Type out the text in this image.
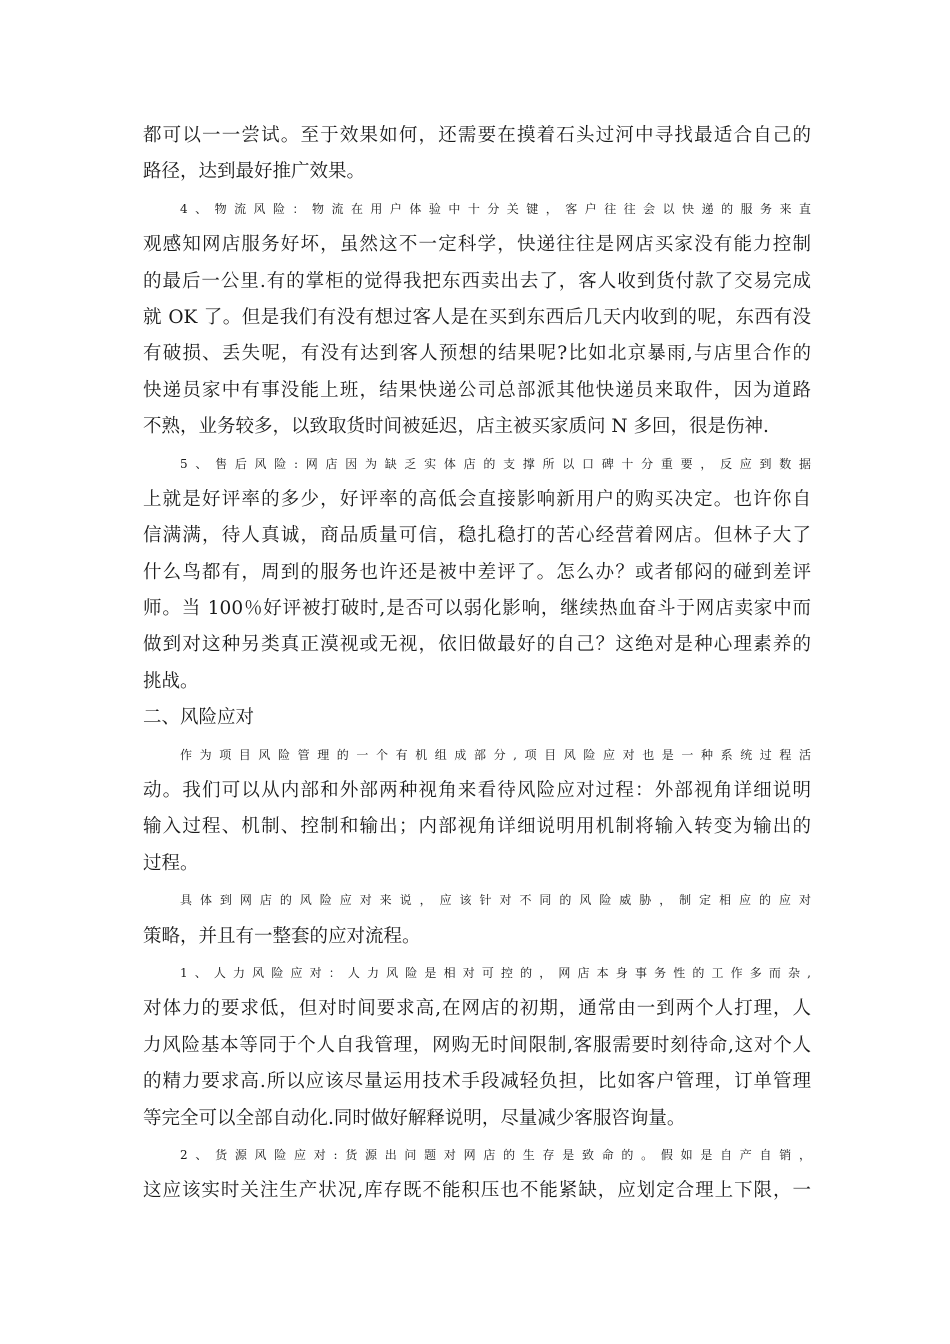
都可以一一尝试。至于效果如何，还需要在摸着石头过河中寻找最适合自己的
路径，达到最好推广效果。
4、物流风险：物流在用户体验中十分关键，客户往往会以快递的服务来直
观感知网店服务好坏，虽然这不一定科学，快递往往是网店买家没有能力控制
的最后一公里.有的掌柜的觉得我把东西卖出去了，客人收到货付款了交易完成
就 OK 了。但是我们有没有想过客人是在买到东西后几天内收到的呢，东西有没
有破损、丢失呢，有没有达到客人预想的结果呢?比如北京暴雨,与店里合作的
快递员家中有事没能上班，结果快递公司总部派其他快递员来取件，因为道路
不熟，业务较多，以致取货时间被延迟，店主被买家质问 N 多回，很是伤神.
5、售后风险:网店因为缺乏实体店的支撑所以口碑十分重要，反应到数据
上就是好评率的多少，好评率的高低会直接影响新用户的购买决定。也许你自
信满满，待人真诚，商品质量可信，稳扎稳打的苦心经营着网店。但林子大了
什么鸟都有，周到的服务也许还是被中差评了。怎么办？或者郁闷的碰到差评
师。当 100％好评被打破时,是否可以弱化影响，继续热血奋斗于网店卖家中而
做到对这种另类真正漠视或无视，依旧做最好的自己？这绝对是种心理素养的
挑战。
二、风险应对
作为项目风险管理的一个有机组成部分,项目风险应对也是一种系统过程活
动。我们可以从内部和外部两种视角来看待风险应对过程：外部视角详细说明
输入过程、机制、控制和输出；内部视角详细说明用机制将输入转变为输出的
过程。
具体到网店的风险应对来说，应该针对不同的风险威胁，制定相应的应对
策略，并且有一整套的应对流程。
1、人力风险应对：人力风险是相对可控的，网店本身事务性的工作多而杂,
对体力的要求低，但对时间要求高,在网店的初期，通常由一到两个人打理，人
力风险基本等同于个人自我管理，网购无时间限制,客服需要时刻待命,这对个人
的精力要求高.所以应该尽量运用技术手段减轻负担，比如客户管理，订单管理
等完全可以全部自动化.同时做好解释说明，尽量减少客服咨询量。
2、货源风险应对:货源出问题对网店的生存是致命的。假如是自产自销，
这应该实时关注生产状况,库存既不能积压也不能紧缺，应划定合理上下限，一
